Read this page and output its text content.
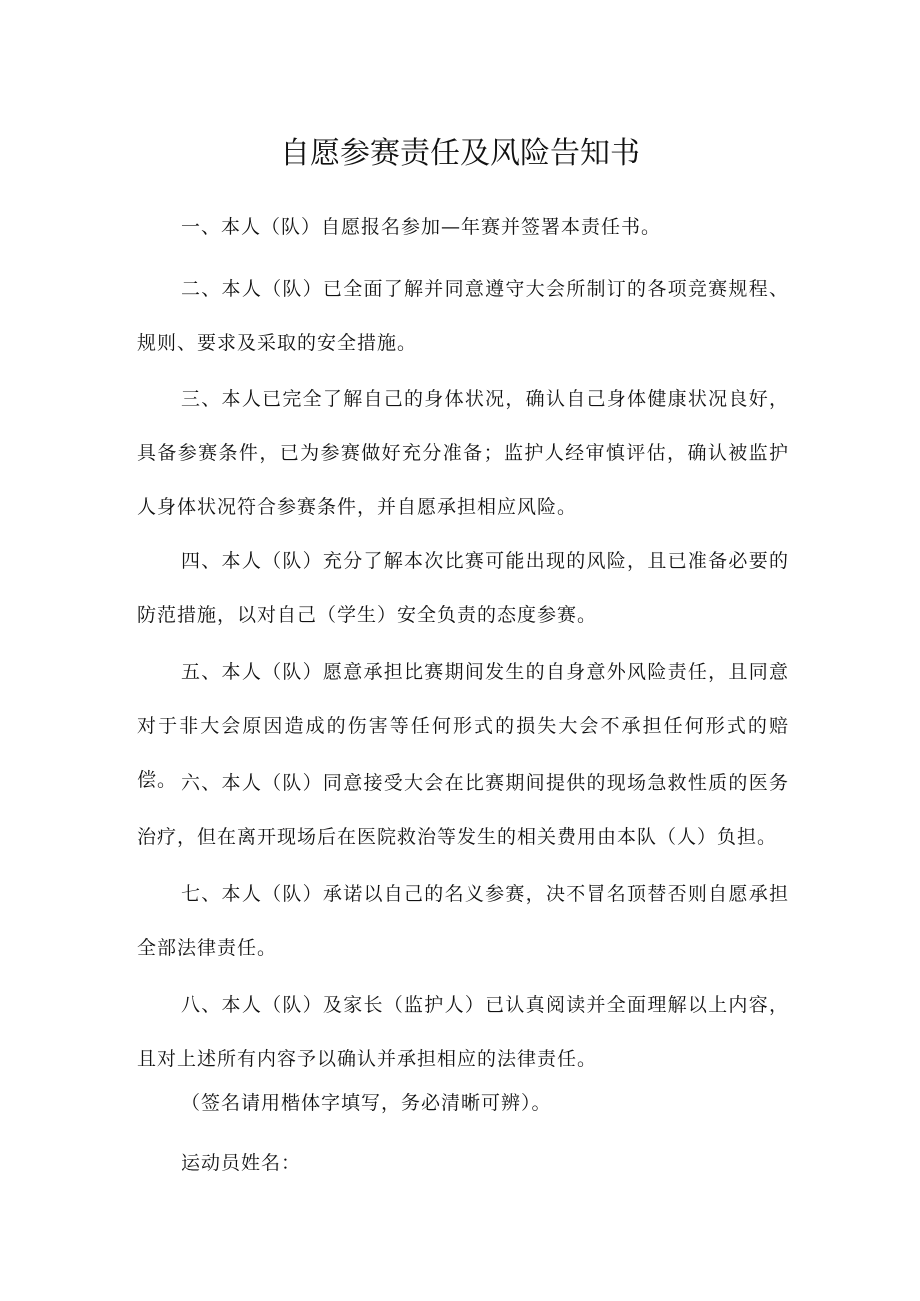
自愿参赛责任及风险告知书
一、本人（队）自愿报名参加—年赛并签署本责任书。
二、本人（队）已全面了解并同意遵守大会所制订的各项竞赛规程、规则、要求及采取的安全措施。
三、本人已完全了解自己的身体状况，确认自己身体健康状况良好，具备参赛条件，已为参赛做好充分准备；监护人经审慎评估，确认被监护人身体状况符合参赛条件，并自愿承担相应风险。
四、本人（队）充分了解本次比赛可能出现的风险，且已准备必要的防范措施，以对自己（学生）安全负责的态度参赛。
五、本人（队）愿意承担比赛期间发生的自身意外风险责任，且同意对于非大会原因造成的伤害等任何形式的损失大会不承担任何形式的赔偿。 六、本人（队）同意接受大会在比赛期间提供的现场急救性质的医务治疗，但在离开现场后在医院救治等发生的相关费用由本队（人）负担。
七、本人（队）承诺以自己的名义参赛，决不冒名顶替否则自愿承担全部法律责任。
八、本人（队）及家长（监护人）已认真阅读并全面理解以上内容，且对上述所有内容予以确认并承担相应的法律责任。
（签名请用楷体字填写，务必清晰可辨）。
运动员姓名：
